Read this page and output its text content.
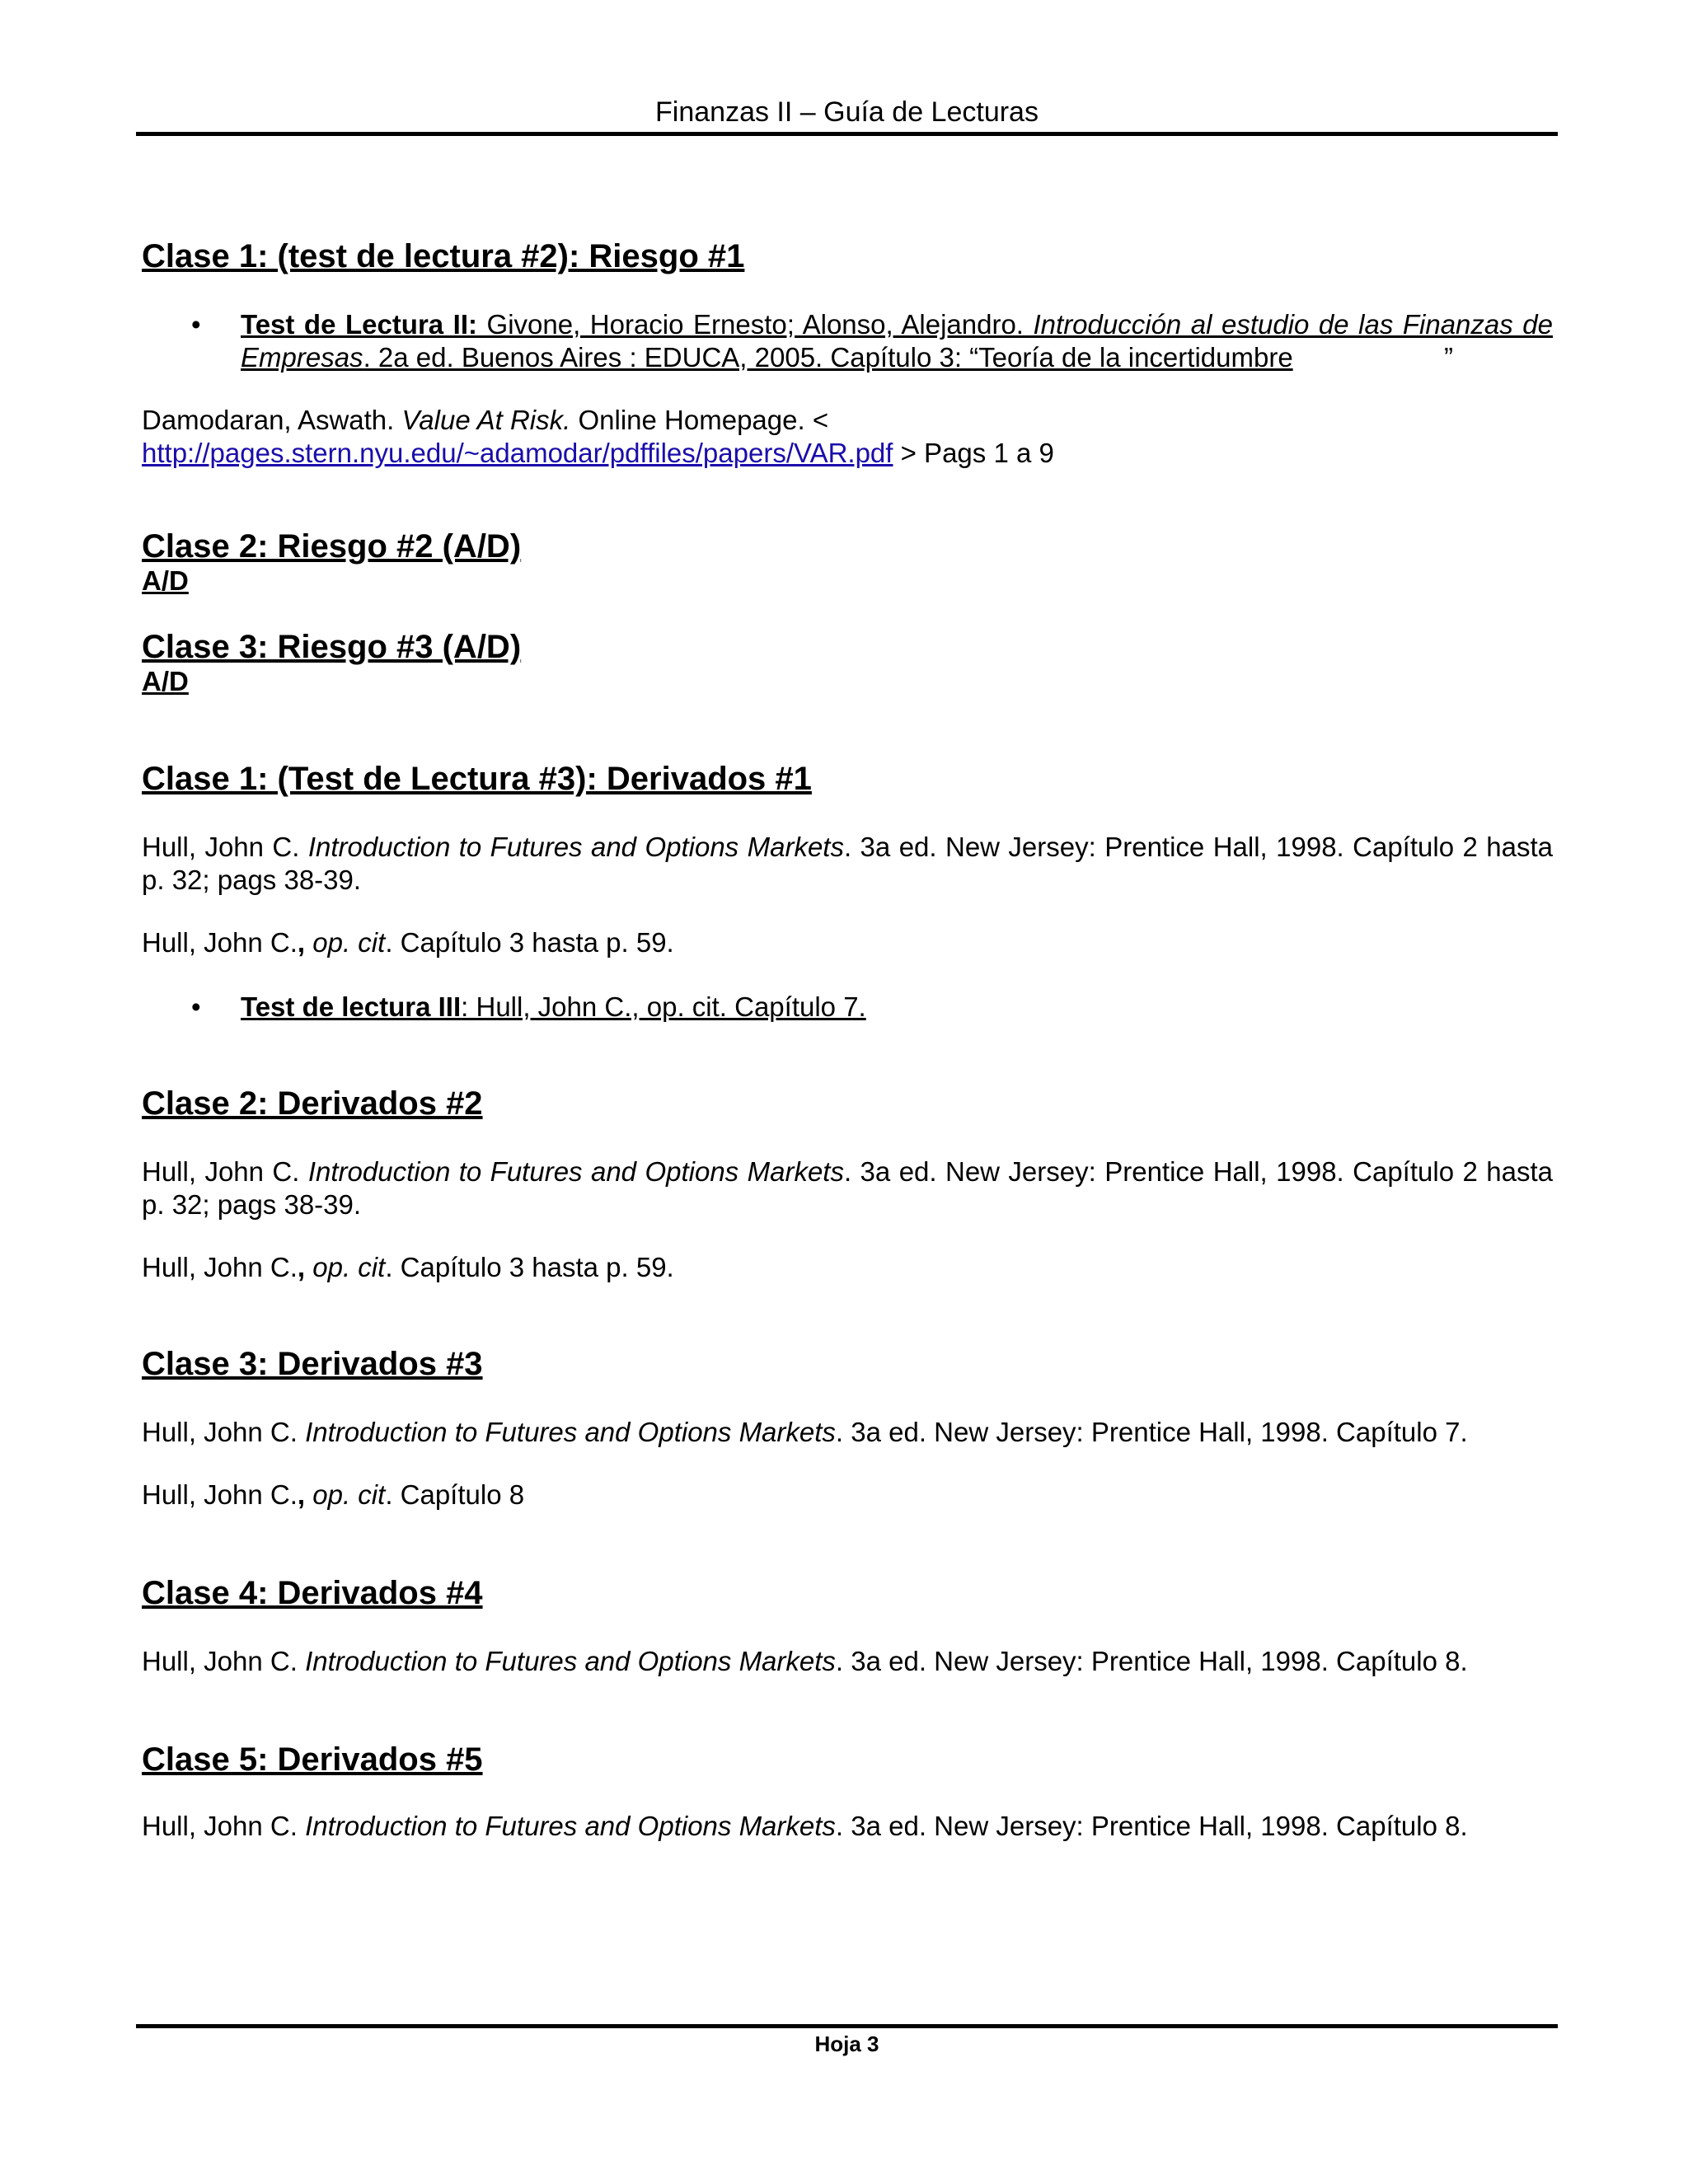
Finanzas II – Guía de Lecturas
Clase 1: (test de lectura #2): Riesgo #1
• Test de Lectura II: Givone, Horacio Ernesto; Alonso, Alejandro. Introducción al estudio de las Finanzas de Empresas. 2a ed. Buenos Aires : EDUCA, 2005. Capítulo 3: “Teoría de la incertidumbre	”
Damodaran, Aswath. Value At Risk. Online Homepage. <
http://pages.stern.nyu.edu/~adamodar/pdffiles/papers/VAR.pdf > Pags 1 a 9
Clase 2: Riesgo #2 (A/D)
A/D
Clase 3: Riesgo #3 (A/D)
A/D
Clase 1: (Test de Lectura #3): Derivados #1
Hull, John C. Introduction to Futures and Options Markets. 3a ed. New Jersey: Prentice Hall, 1998. Capítulo 2 hasta p. 32; pags 38-39.
Hull, John C., op. cit. Capítulo 3 hasta p. 59.
• Test de lectura III: Hull, John C., op. cit. Capítulo 7.
Clase 2: Derivados #2
Hull, John C. Introduction to Futures and Options Markets. 3a ed. New Jersey: Prentice Hall, 1998. Capítulo 2 hasta p. 32; pags 38-39.
Hull, John C., op. cit. Capítulo 3 hasta p. 59.
Clase 3: Derivados #3
Hull, John C. Introduction to Futures and Options Markets. 3a ed. New Jersey: Prentice Hall, 1998. Capítulo 7.
Hull, John C., op. cit. Capítulo 8
Clase 4: Derivados #4
Hull, John C. Introduction to Futures and Options Markets. 3a ed. New Jersey: Prentice Hall, 1998. Capítulo 8.
Clase 5: Derivados #5
Hull, John C. Introduction to Futures and Options Markets. 3a ed. New Jersey: Prentice Hall, 1998. Capítulo 8.
Hoja 3
